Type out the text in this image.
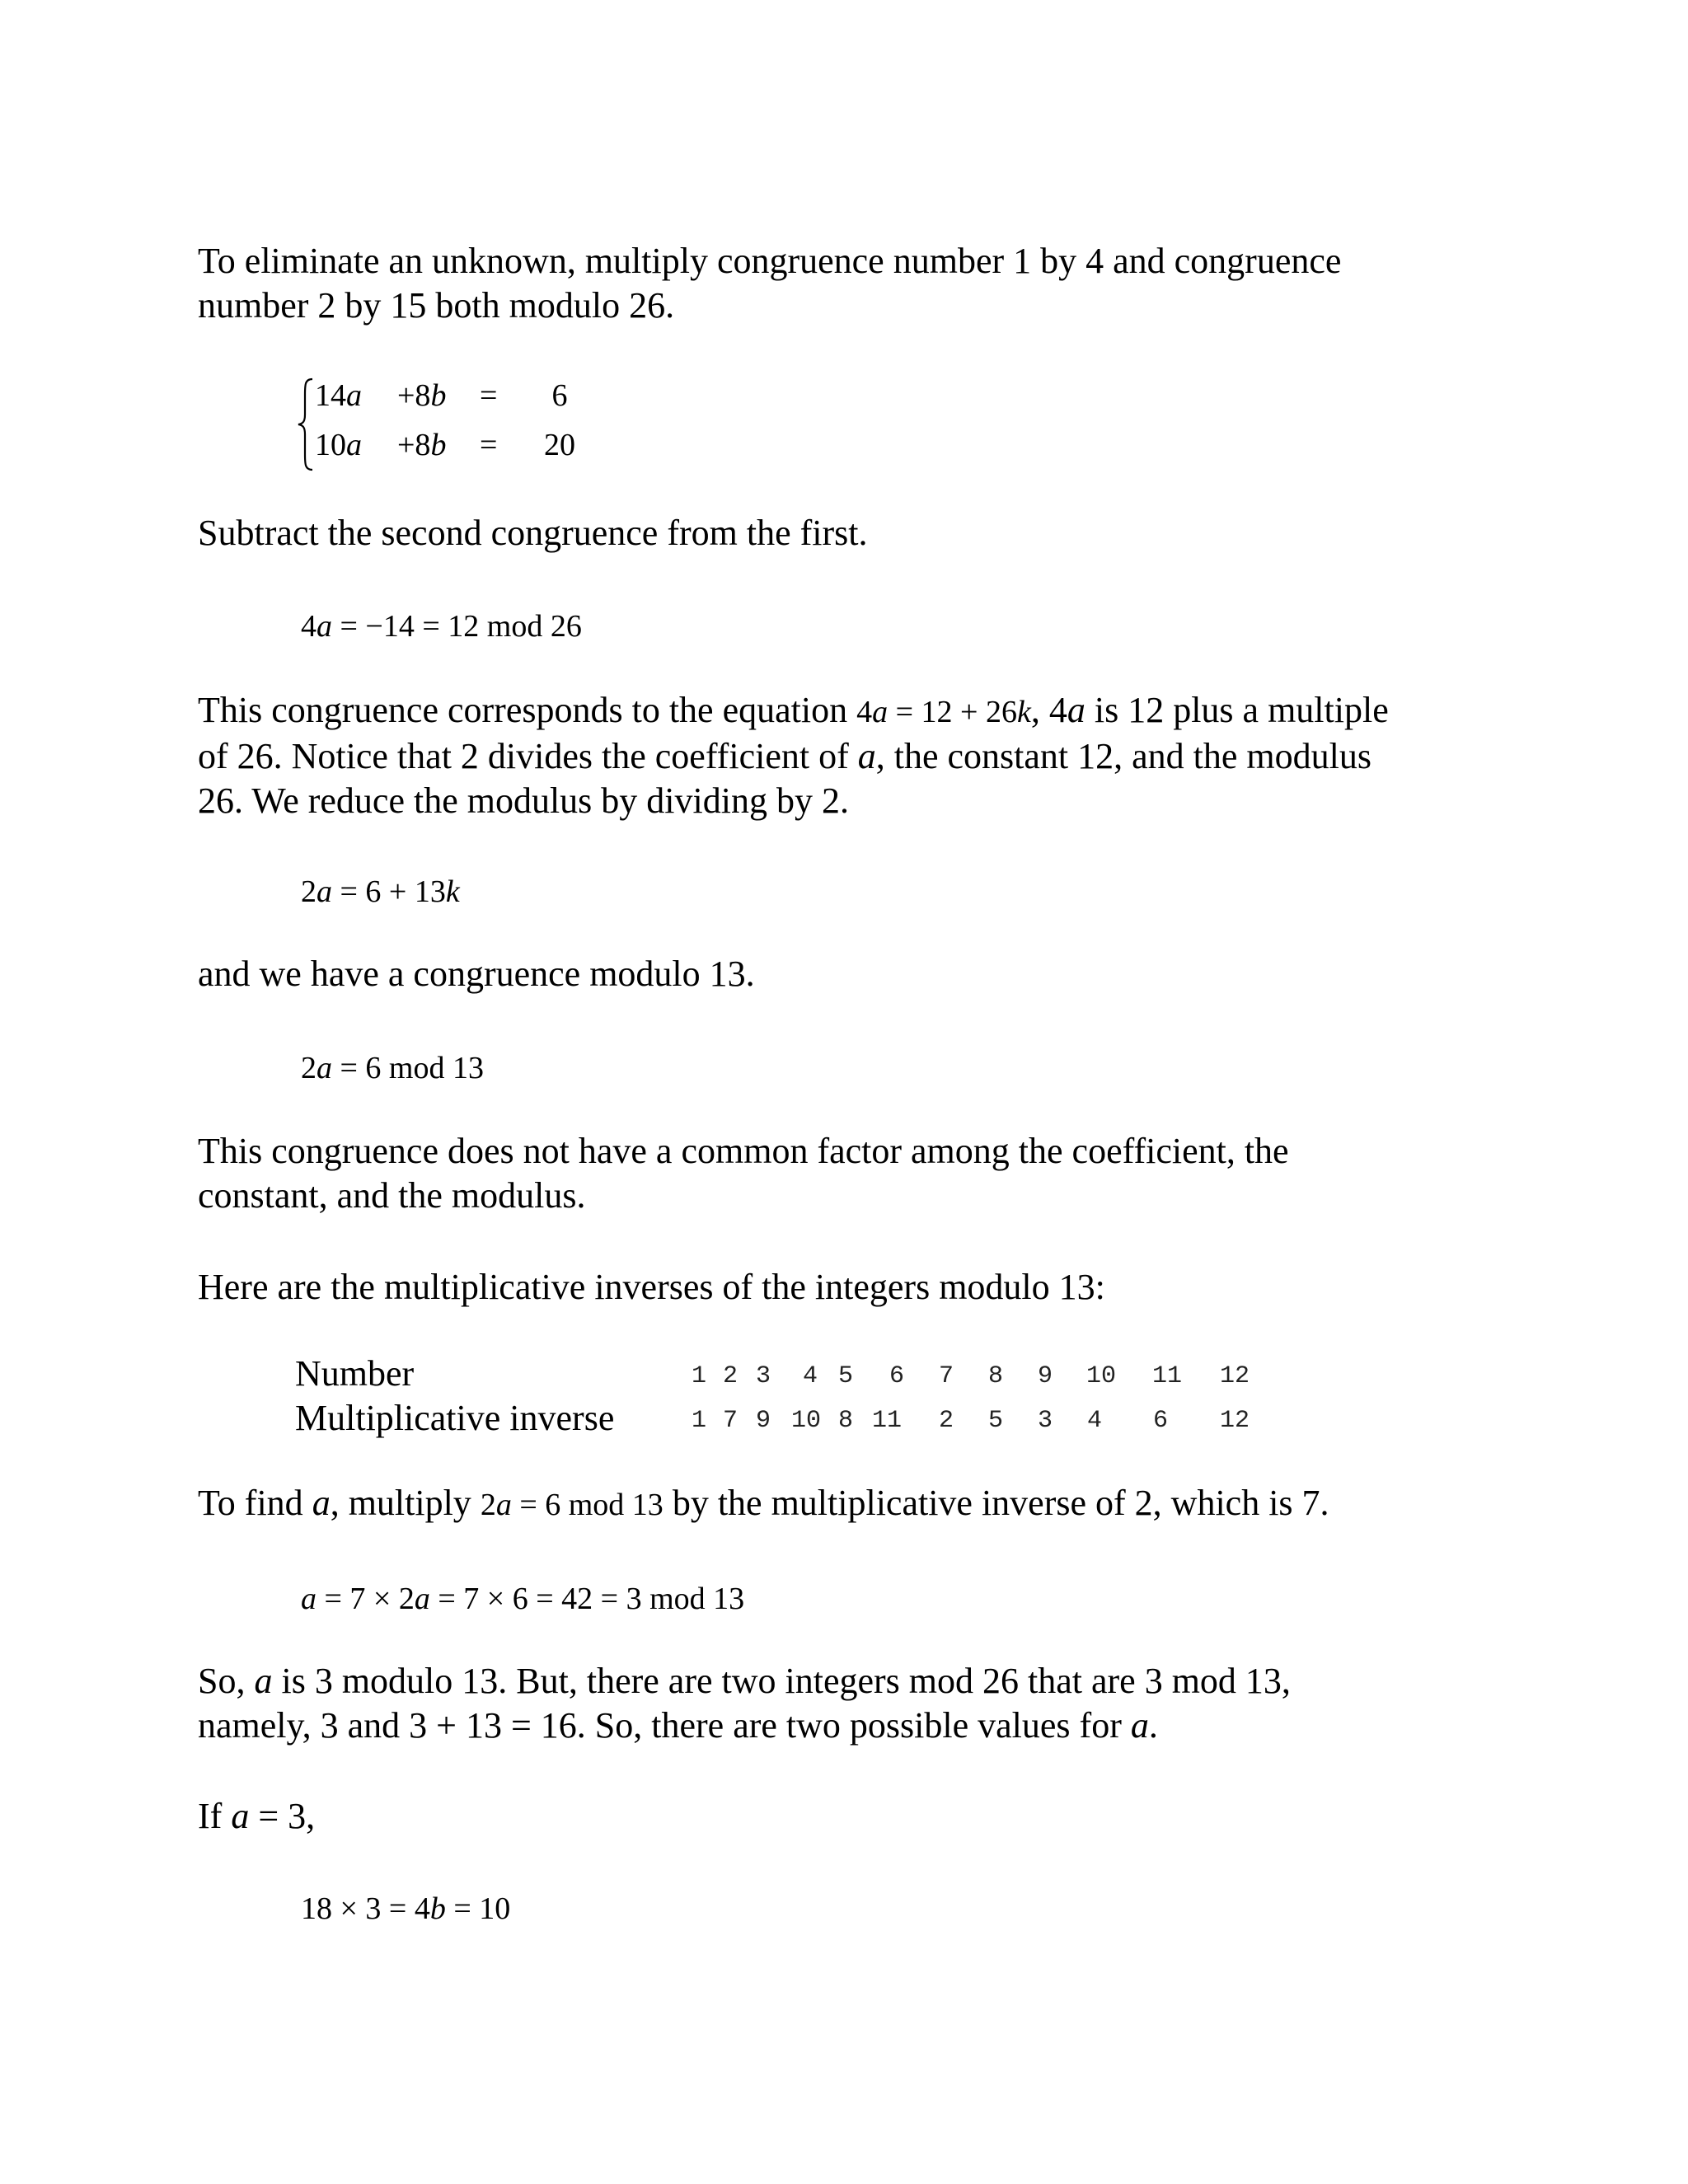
To eliminate an unknown, multiply congruence number 1 by 4 and congruence
number 2 by 15 both modulo 26.

14a +8b =	6
10a +8b =	20

Subtract the second congruence from the first.

4a = −14 = 12 mod 26

This congruence corresponds to the equation 4a = 12 + 26k, 4a is 12 plus a multiple
of 26. Notice that 2 divides the coefficient of a, the constant 12, and the modulus
26. We reduce the modulus by dividing by 2.

2a = 6 + 13k

and we have a congruence modulo 13.

2a = 6 mod 13

This congruence does not have a common factor among the coefficient, the
constant, and the modulus.

Here are the multiplicative inverses of the integers modulo 13:

Number	1 2 3	4 5	6	7	8	9	10 11 12
Multiplicative inverse	1 7 9 10 8 11	2	5	3	4	6	12

To find a, multiply 2a = 6 mod 13 by the multiplicative inverse of 2, which is 7.

a = 7 × 2a = 7 × 6 = 42 = 3 mod 13

So, a is 3 modulo 13. But, there are two integers mod 26 that are 3 mod 13,
namely, 3 and 3 + 13 = 16. So, there are two possible values for a.

If a = 3,

18 × 3 = 4b = 10
